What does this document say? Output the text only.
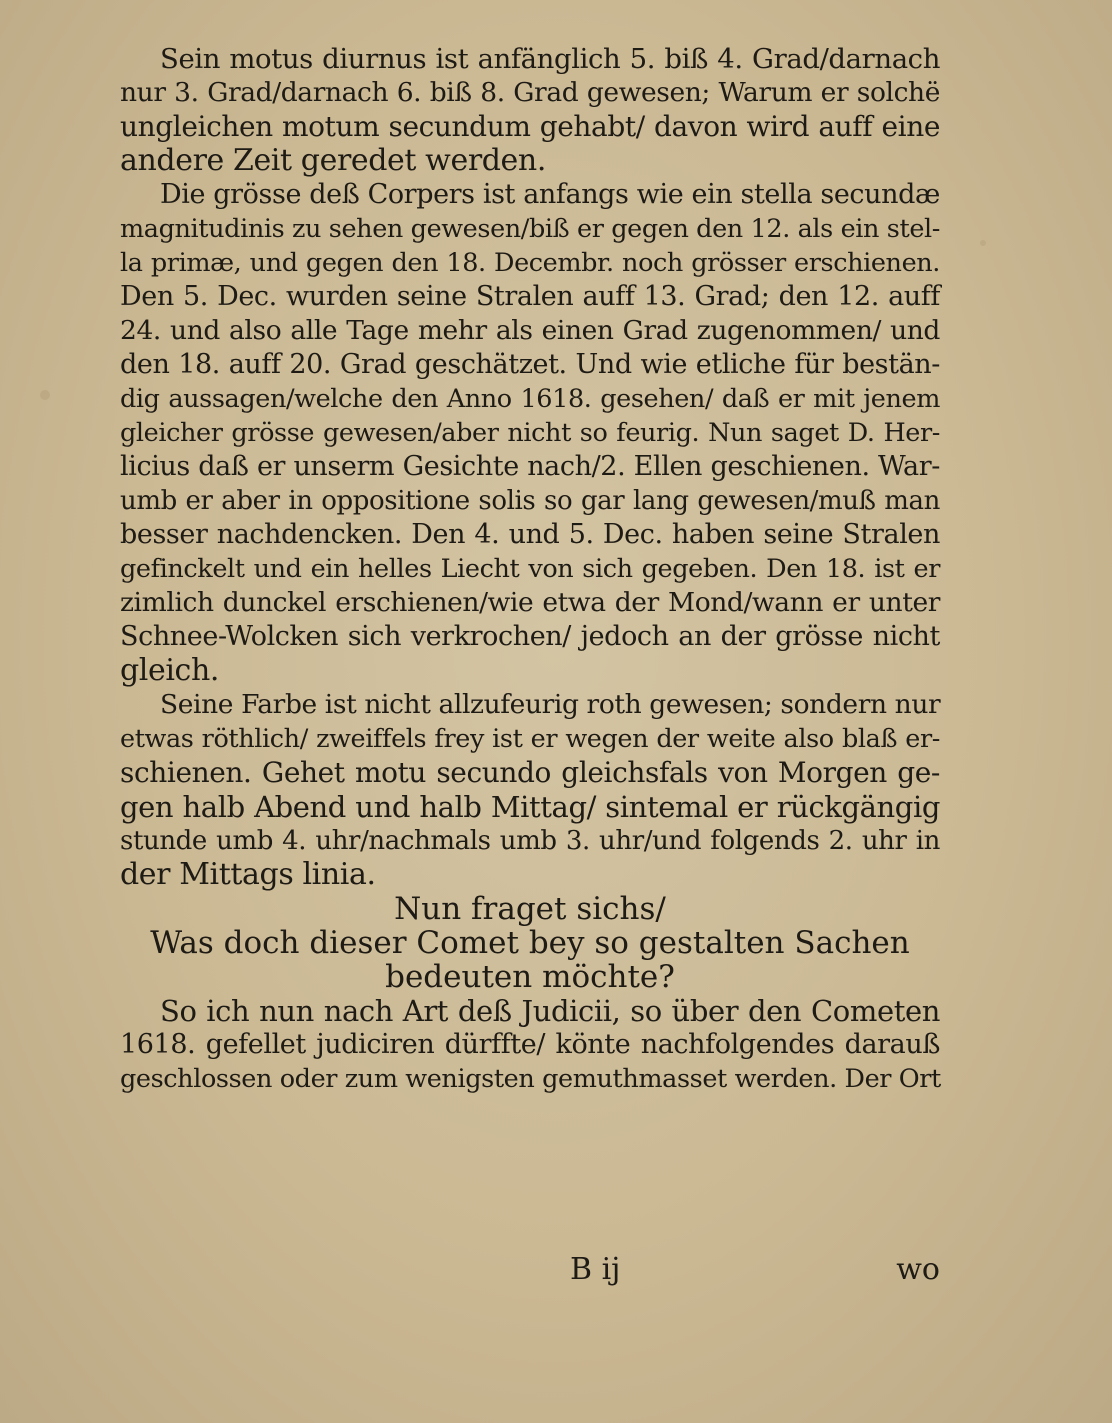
Sein motus diurnus ist anfänglich 5. biß 4. Grad/darnach
nur 3. Grad/darnach 6. biß 8. Grad gewesen; Warum er solchë
ungleichen motum secundum gehabt/ davon wird auff eine
andere Zeit geredet werden.
Die grösse deß Corpers ist anfangs wie ein stella secundæ
magnitudinis zu sehen gewesen/biß er gegen den 12. als ein stel-
la primæ, und gegen den 18. Decembr. noch grösser erschienen.
Den 5. Dec. wurden seine Stralen auff 13. Grad; den 12. auff
24. und also alle Tage mehr als einen Grad zugenommen/ und
den 18. auff 20. Grad geschätzet. Und wie etliche für bestän-
dig aussagen/welche den Anno 1618. gesehen/ daß er mit jenem
gleicher grösse gewesen/aber nicht so feurig. Nun saget D. Her-
licius daß er unserm Gesichte nach/2. Ellen geschienen. War-
umb er aber in oppositione solis so gar lang gewesen/muß man
besser nachdencken. Den 4. und 5. Dec. haben seine Stralen
gefinckelt und ein helles Liecht von sich gegeben. Den 18. ist er
zimlich dunckel erschienen/wie etwa der Mond/wann er unter
Schnee-Wolcken sich verkrochen/ jedoch an der grösse nicht
gleich.
Seine Farbe ist nicht allzufeurig roth gewesen; sondern nur
etwas röthlich/ zweiffels frey ist er wegen der weite also blaß er-
schienen. Gehet motu secundo gleichsfals von Morgen ge-
gen halb Abend und halb Mittag/ sintemal er rückgängig
stunde umb 4. uhr/nachmals umb 3. uhr/und folgends 2. uhr in
der Mittags linia.
Nun fraget sichs/
Was doch dieser Comet bey so gestalten Sachen
bedeuten möchte?
So ich nun nach Art deß Judicii, so über den Cometen
1618. gefellet judiciren dürffte/ könte nachfolgendes darauß
geschlossen oder zum wenigsten gemuthmasset werden. Der Ort
B ij	wo
